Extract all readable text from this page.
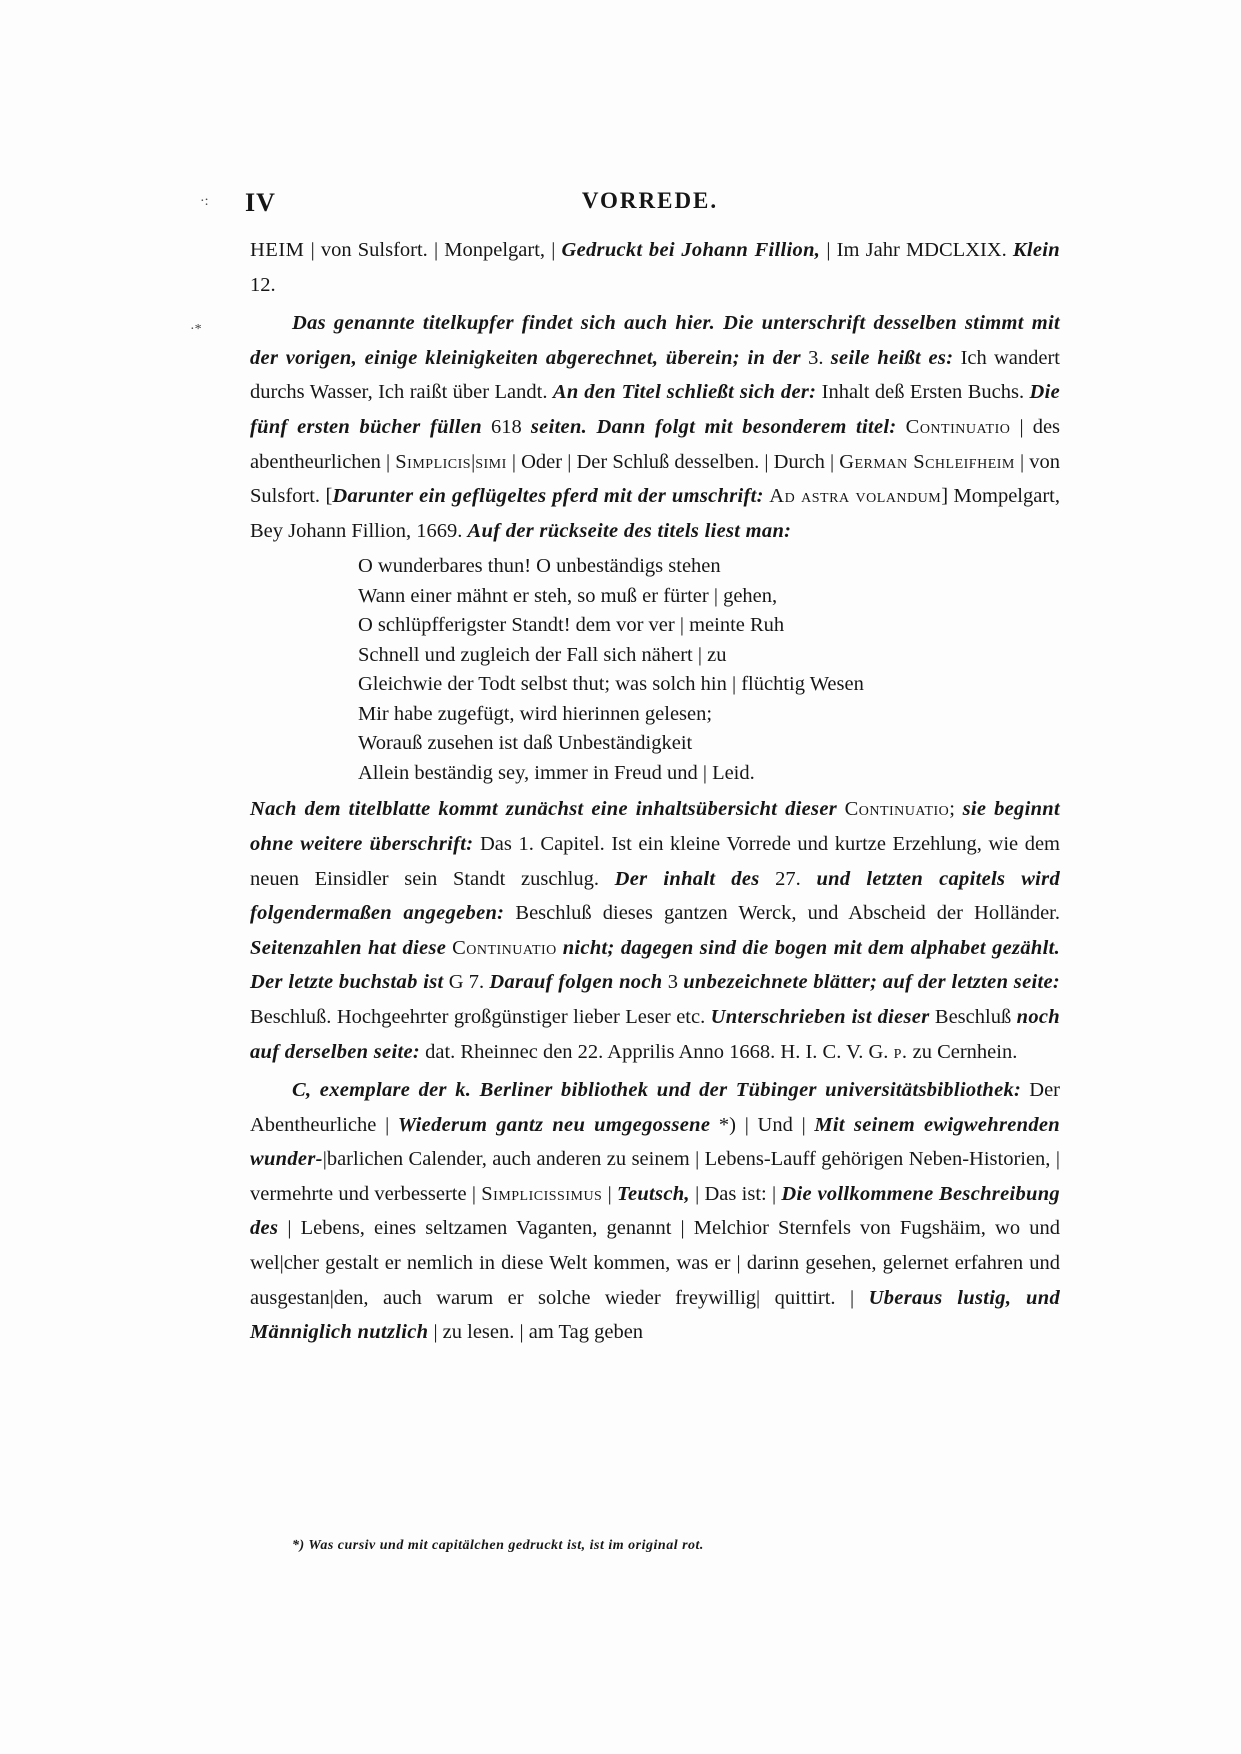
·:
·*
IV	VORREDE.

HEIM | von Sulsfort. | Monpelgart, | Gedruckt bei Johann Fillion, | Im Jahr MDCLXIX. Klein 12.

Das genannte titelkupfer findet sich auch hier. Die unterschrift desselben stimmt mit der vorigen, einige kleinigkeiten abgerechnet, überein; in der 3. seile heißt es: Ich wandert durchs Wasser, Ich raißt über Landt. An den Titel schließt sich der: Inhalt deß Ersten Buchs. Die fünf ersten bücher füllen 618 seiten. Dann folgt mit besonderem titel: Continuatio | des abentheurlichen | Simplicis|simi | Oder | Der Schluß desselben. | Durch | German Schleifheim | von Sulsfort. [Darunter ein geflügeltes pferd mit der umschrift: Ad astra volandum] Mompelgart, Bey Johann Fillion, 1669. Auf der rückseite des titels liest man:

O wunderbares thun! O unbeständigs stehen
Wann einer mähnt er steh, so muß er fürter | gehen,
O schlüpfferigster Standt! dem vor ver | meinte Ruh
Schnell und zugleich der Fall sich nähert | zu
Gleichwie der Todt selbst thut; was solch hin | flüchtig Wesen
Mir habe zugefügt, wird hierinnen gelesen;
Worauß zusehen ist daß Unbeständigkeit
Allein beständig sey, immer in Freud und | Leid.

Nach dem titelblatte kommt zunächst eine inhaltsübersicht dieser Continuatio; sie beginnt ohne weitere überschrift: Das 1. Capitel. Ist ein kleine Vorrede und kurtze Erzehlung, wie dem neuen Einsidler sein Standt zuschlug. Der inhalt des 27. und letzten capitels wird folgendermaßen angegeben: Beschluß dieses gantzen Werck, und Abscheid der Holländer. Seitenzahlen hat diese Continuatio nicht; dagegen sind die bogen mit dem alphabet gezählt. Der letzte buchstab ist G 7. Darauf folgen noch 3 unbezeichnete blätter; auf der letzten seite: Beschluß. Hochgeehrter großgünstiger lieber Leser etc. Unterschrieben ist dieser Beschluß noch auf derselben seite: dat. Rheinnec den 22. Apprilis Anno 1668. H. I. C. V. G. p. zu Cernhein.

C, exemplare der k. Berliner bibliothek und der Tübinger universitätsbibliothek: Der Abentheurliche | Wiederum gantz neu umgegossene *) | Und | Mit seinem ewigwehrenden wunder-|barlichen Calender, auch anderen zu seinem | Lebens-Lauff gehörigen Neben-Historien, | vermehrte und verbesserte | Simplicissimus | Teutsch, | Das ist: | Die vollkommene Beschreibung des | Lebens, eines seltzamen Vaganten, genannt | Melchior Sternfels von Fugshäim, wo und wel|cher gestalt er nemlich in diese Welt kommen, was er | darinn gesehen, gelernet erfahren und ausgestan|den, auch warum er solche wieder freywillig| quittirt. | Uberaus lustig, und Männiglich nutzlich | zu lesen. | am Tag geben

*) Was cursiv und mit capitälchen gedruckt ist, ist im original rot.
